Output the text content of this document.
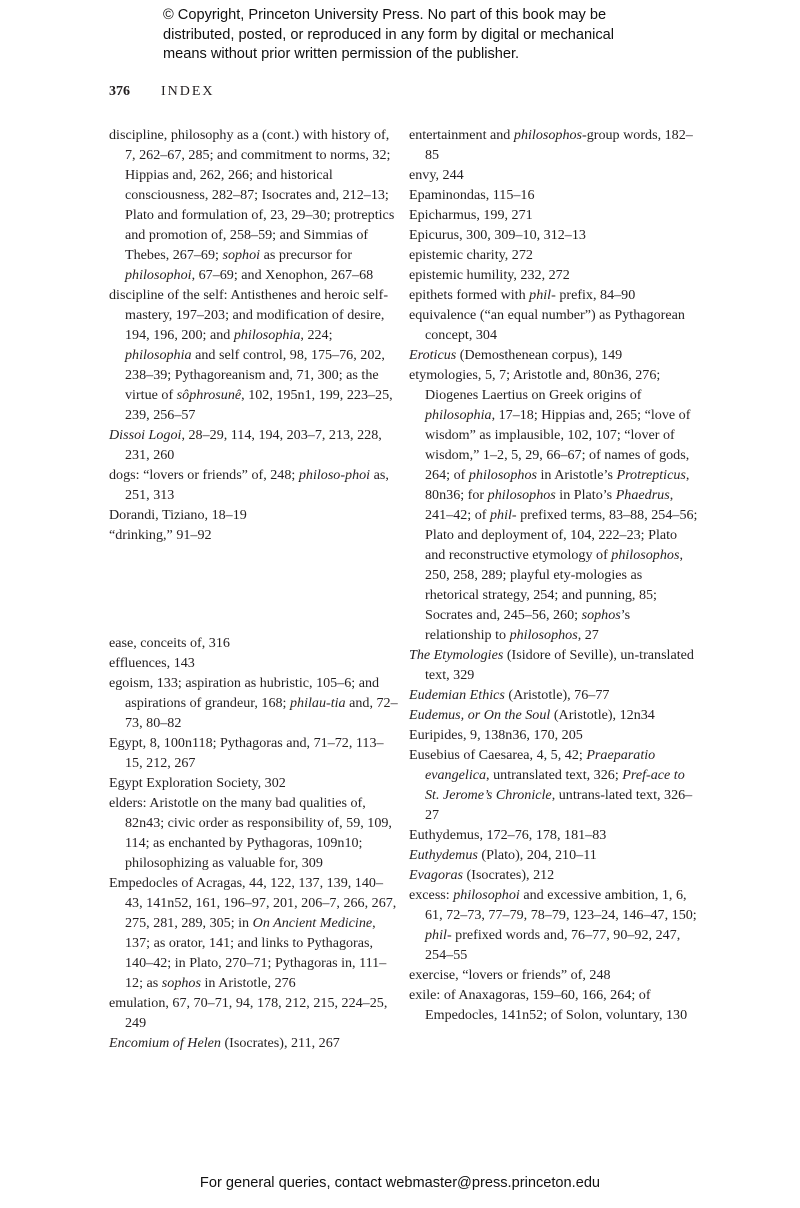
© Copyright, Princeton University Press. No part of this book may be distributed, posted, or reproduced in any form by digital or mechanical means without prior written permission of the publisher.
376 INDEX

discipline, philosophy as a (cont.) with history of, 7, 262–67, 285; and commitment to norms, 32; Hippias and, 262, 266; and historical consciousness, 282–87; Isocrates and, 212–13; Plato and formulation of, 23, 29–30; protreptics and promotion of, 258–59; and Simmias of Thebes, 267–69; sophoi as precursor for philosophoi, 67–69; and Xenophon, 267–68

discipline of the self: Antisthenes and heroic self-mastery, 197–203; and modification of desire, 194, 196, 200; and philosophia, 224; philosophia and self control, 98, 175–76, 202, 238–39; Pythagoreanism and, 71, 300; as the virtue of sôphrosunê, 102, 195n1, 199, 223–25, 239, 256–57

Dissoi Logoi, 28–29, 114, 194, 203–7, 213, 228, 231, 260

dogs: “lovers or friends” of, 248; philoso-phoi as, 251, 313

Dorandi, Tiziano, 18–19

“drinking,” 91–92

ease, conceits of, 316

effluences, 143

egoism, 133; aspiration as hubristic, 105–6; and aspirations of grandeur, 168; philau-tia and, 72–73, 80–82

Egypt, 8, 100n118; Pythagoras and, 71–72, 113–15, 212, 267

Egypt Exploration Society, 302

elders: Aristotle on the many bad qualities of, 82n43; civic order as responsibility of, 59, 109, 114; as enchanted by Pythagoras, 109n10; philosophizing as valuable for, 309

Empedocles of Acragas, 44, 122, 137, 139, 140–43, 141n52, 161, 196–97, 201, 206–7, 266, 267, 275, 281, 289, 305; in On Ancient Medicine, 137; as orator, 141; and links to Pythagoras, 140–42; in Plato, 270–71; Pythagoras in, 111–12; as sophos in Aristotle, 276

emulation, 67, 70–71, 94, 178, 212, 215, 224–25, 249

Encomium of Helen (Isocrates), 211, 267

entertainment and philosophos-group words, 182–85

envy, 244

Epaminondas, 115–16

Epicharmus, 199, 271

Epicurus, 300, 309–10, 312–13

epistemic charity, 272

epistemic humility, 232, 272

epithets formed with phil- prefix, 84–90

equivalence (“an equal number”) as Pythagorean concept, 304

Eroticus (Demosthenean corpus), 149

etymologies, 5, 7; Aristotle and, 80n36, 276; Diogenes Laertius on Greek origins of philosophia, 17–18; Hippias and, 265; “love of wisdom” as implausible, 102, 107; “lover of wisdom,” 1–2, 5, 29, 66–67; of names of gods, 264; of philosophos in Aristotle’s Protrepticus, 80n36; for philosophos in Plato’s Phaedrus, 241–42; of phil- prefixed terms, 83–88, 254–56; Plato and deployment of, 104, 222–23; Plato and reconstructive etymology of philosophos, 250, 258, 289; playful ety-mologies as rhetorical strategy, 254; and punning, 85; Socrates and, 245–56, 260; sophos’s relationship to philosophos, 27

The Etymologies (Isidore of Seville), un-translated text, 329

Eudemian Ethics (Aristotle), 76–77

Eudemus, or On the Soul (Aristotle), 12n34

Euripides, 9, 138n36, 170, 205

Eusebius of Caesarea, 4, 5, 42; Praeparatio evangelica, untranslated text, 326; Pref-ace to St. Jerome’s Chronicle, untrans-lated text, 326–27

Euthydemus, 172–76, 178, 181–83

Euthydemus (Plato), 204, 210–11

Evagoras (Isocrates), 212

excess: philosophoi and excessive ambition, 1, 6, 61, 72–73, 77–79, 78–79, 123–24, 146–47, 150; phil- prefixed words and, 76–77, 90–92, 247, 254–55

exercise, “lovers or friends” of, 248

exile: of Anaxagoras, 159–60, 166, 264; of Empedocles, 141n52; of Solon, voluntary, 130

For general queries, contact webmaster@press.princeton.edu
